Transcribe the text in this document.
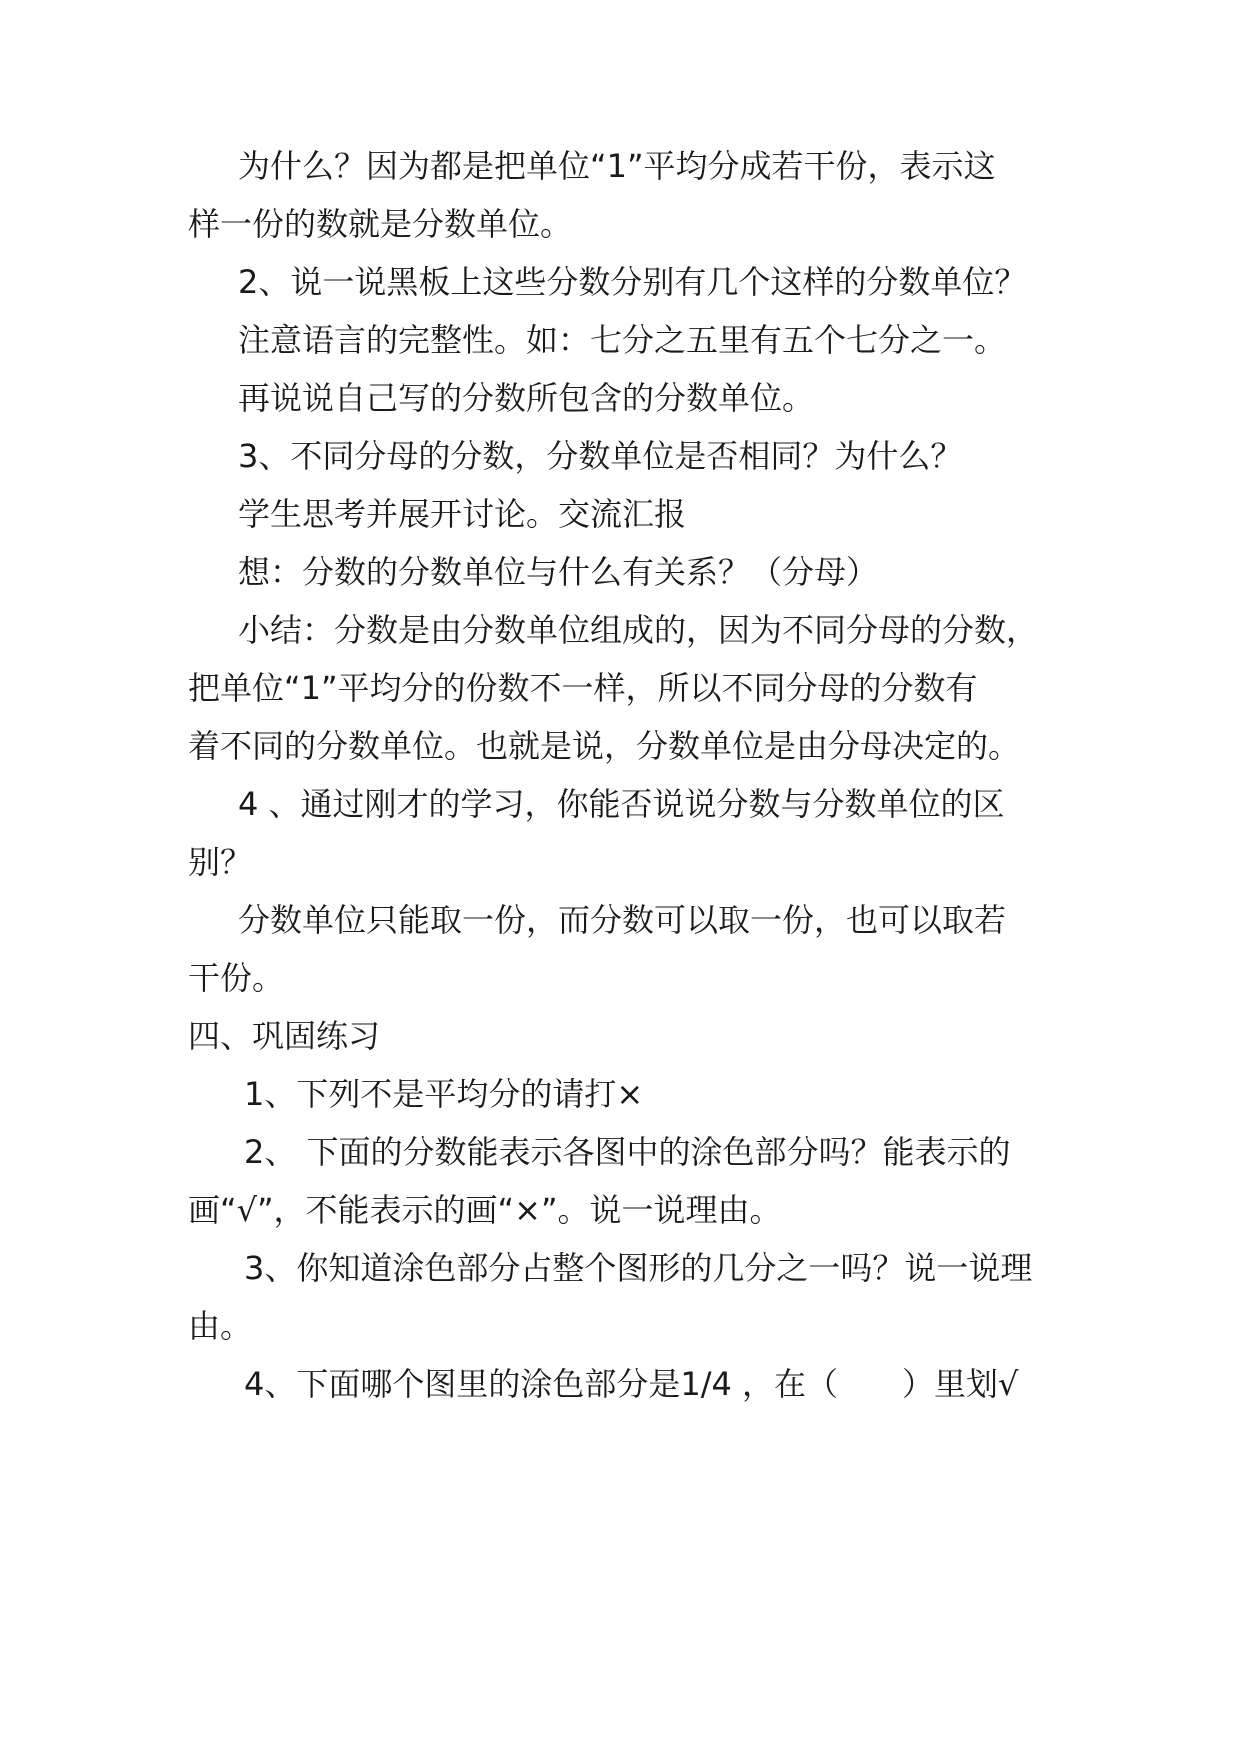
为什么？因为都是把单位“1”平均分成若干份，表示这
样一份的数就是分数单位。
2、说一说黑板上这些分数分别有几个这样的分数单位？
注意语言的完整性。如：七分之五里有五个七分之一。
再说说自己写的分数所包含的分数单位。
3、不同分母的分数，分数单位是否相同？为什么？
学生思考并展开讨论。交流汇报
想：分数的分数单位与什么有关系？（分母）
小结：分数是由分数单位组成的，因为不同分母的分数，
把单位“1”平均分的份数不一样，所以不同分母的分数有
着不同的分数单位。也就是说，分数单位是由分母决定的。
4 、通过刚才的学习，你能否说说分数与分数单位的区
别？
分数单位只能取一份，而分数可以取一份，也可以取若
干份。
四、巩固练习
1、下列不是平均分的请打×
2、 下面的分数能表示各图中的涂色部分吗？能表示的
画“√”，不能表示的画“×”。说一说理由。
3、你知道涂色部分占整个图形的几分之一吗？说一说理
由。
4、下面哪个图里的涂色部分是1/4 ，在（　　）里划√
